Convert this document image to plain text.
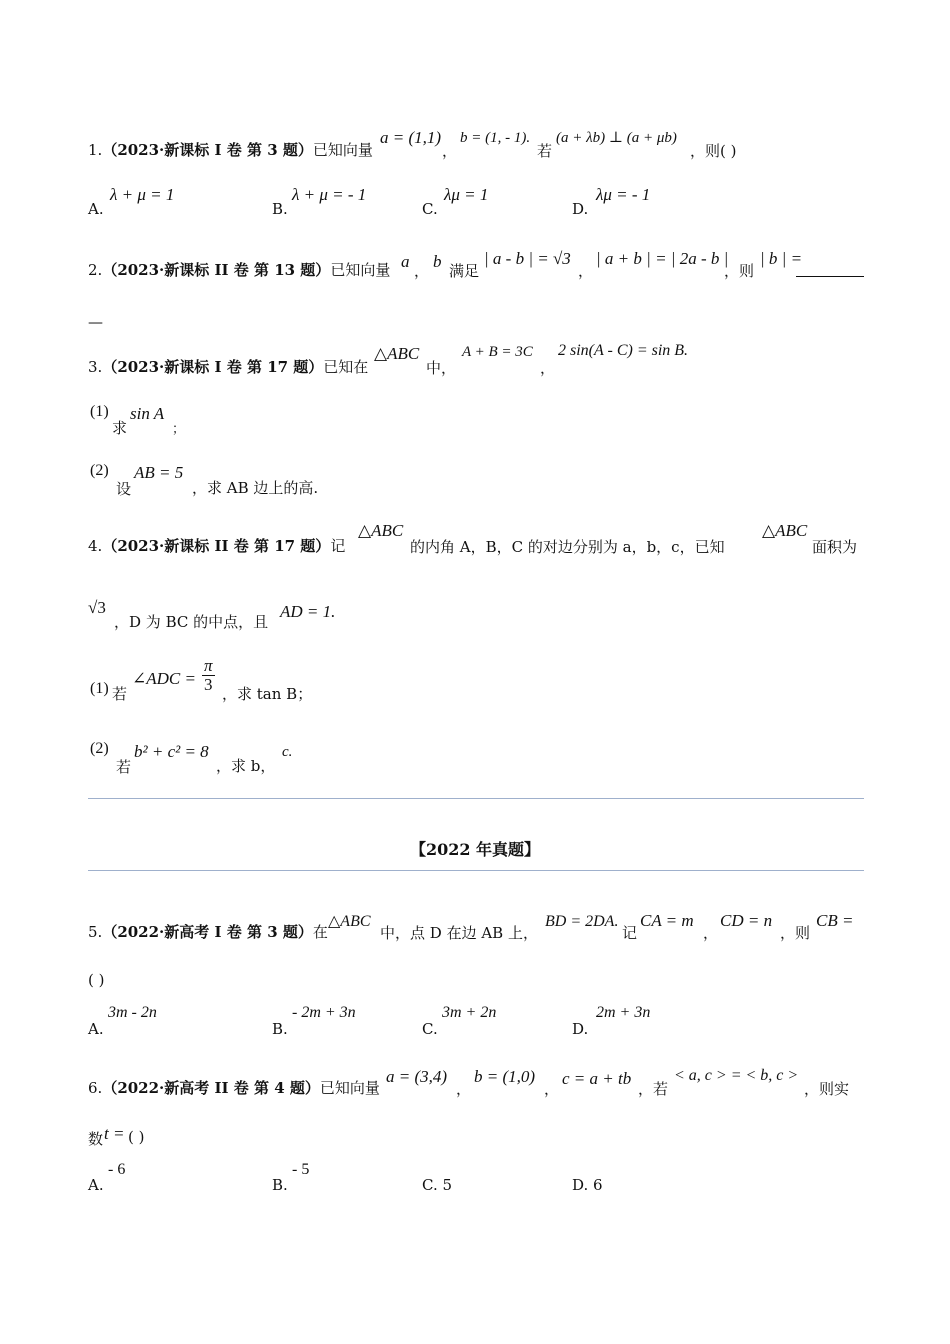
1.（2023·新课标 I 卷 第 3 题）已知向量
a = (1,1)
，
b = (1, - 1).
若
(a + λb) ⊥ (a + μb)
，则( )
A.
λ + μ = 1
B.
λ + μ = - 1
C.
λμ = 1
D.
λμ = - 1
2.（2023·新课标 II 卷 第 13 题）已知向量 a ， b 满足
| a - b | = √3
，
| a + b | = | 2a - b |
，则
| b | =
—
3.（2023·新课标 I 卷 第 17 题）已知在
△ABC
中，
A + B = 3C
，
2 sin(A - C) = sin B.
(1)
求
sin A
；
(2)
设
AB = 5
，求 AB 边上的高.
4.（2023·新课标 II 卷 第 17 题）记
△ABC
的内角 A，B，C 的对边分别为 a，b，c，已知
△ABC
面积为
√3
，D 为 BC 的中点，且
AD = 1.
(1) 若
∠ADC = $\frac{\pi}{3}$ ，求 tan B；
(2)
若
b² + c² = 8
，求 b，
c.
【2022 年真题】
5.（2022·新高考 I 卷 第 3 题）在
△ABC
中，点 D 在边 AB 上，
BD = 2DA.
记
CA = m
，
CD = n
，则
CB =
( )
A.
3m - 2n
B.
- 2m + 3n
C.
3m + 2n
D.
2m + 3n
6.（2022·新高考 II 卷 第 4 题）已知向量
a = (3,4)
，
b = (1,0)
，
c = a + tb
，若
< a, c > = < b, c >
，则实
数 t = ( )
A.
- 6
B.
- 5
C. 5	D. 6
